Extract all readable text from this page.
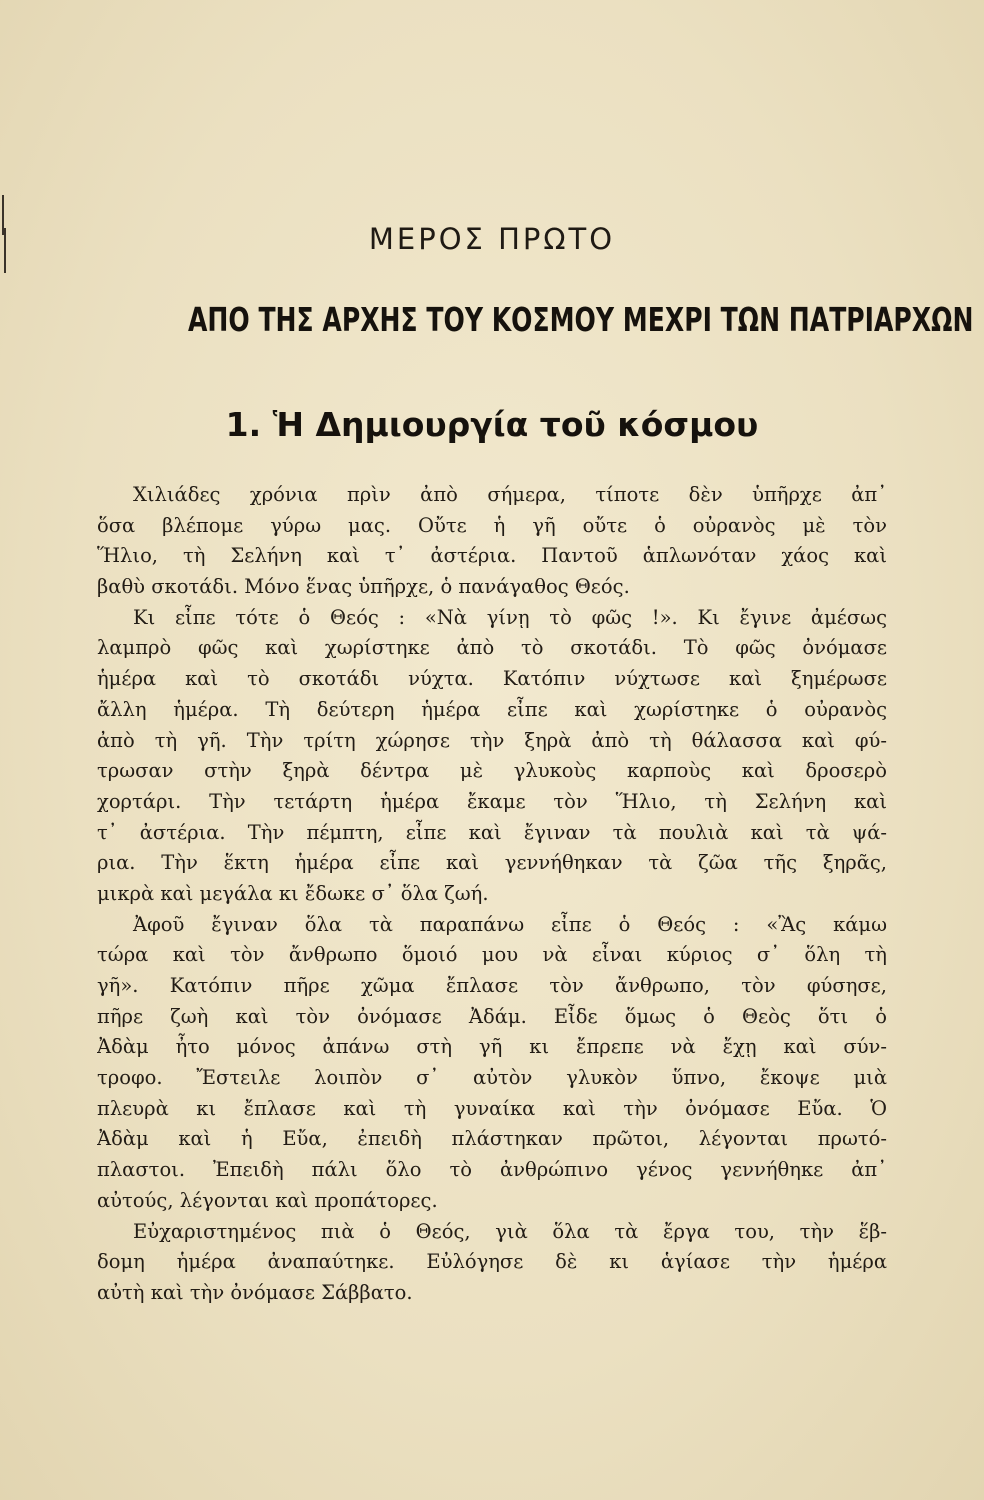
ΜΕΡΟΣ ΠΡΩΤΟ
ΑΠΟ ΤΗΣ ΑΡΧΗΣ ΤΟΥ ΚΟΣΜΟΥ ΜΕΧΡΙ ΤΩΝ ΠΑΤΡΙΑΡΧΩΝ
1. Ἡ Δημιουργία τοῦ κόσμου
Χιλιάδες χρόνια πρὶν ἀπὸ σήμερα, τίποτε δὲν ὑπῆρχε ἀπ᾽
ὅσα βλέπομε γύρω μας. Οὔτε ἡ γῆ οὔτε ὁ οὐρανὸς μὲ τὸν
Ἥλιο, τὴ Σελήνη καὶ τ᾽ ἀστέρια. Παντοῦ ἁπλωνόταν χάος καὶ
βαθὺ σκοτάδι. Μόνο ἕνας ὑπῆρχε, ὁ πανάγαθος Θεός.
Κι εἶπε τότε ὁ Θεός : «Νὰ γίνῃ τὸ φῶς !». Κι ἔγινε ἀμέσως
λαμπρὸ φῶς καὶ χωρίστηκε ἀπὸ τὸ σκοτάδι. Τὸ φῶς ὀνόμασε
ἡμέρα καὶ τὸ σκοτάδι νύχτα. Κατόπιν νύχτωσε καὶ ξημέρωσε
ἄλλη ἡμέρα. Τὴ δεύτερη ἡμέρα εἶπε καὶ χωρίστηκε ὁ οὐρανὸς
ἀπὸ τὴ γῆ. Τὴν τρίτη χώρησε τὴν ξηρὰ ἀπὸ τὴ θάλασσα καὶ φύ-
τρωσαν στὴν ξηρὰ δέντρα μὲ γλυκοὺς καρποὺς καὶ δροσερὸ
χορτάρι. Τὴν τετάρτη ἡμέρα ἔκαμε τὸν Ἥλιο, τὴ Σελήνη καὶ
τ᾽ ἀστέρια. Τὴν πέμπτη, εἶπε καὶ ἔγιναν τὰ πουλιὰ καὶ τὰ ψά-
ρια. Τὴν ἕκτη ἡμέρα εἶπε καὶ γεννήθηκαν τὰ ζῶα τῆς ξηρᾶς,
μικρὰ καὶ μεγάλα κι ἔδωκε σ᾽ ὅλα ζωή.
Ἀφοῦ ἔγιναν ὅλα τὰ παραπάνω εἶπε ὁ Θεός : «Ἂς κάμω
τώρα καὶ τὸν ἄνθρωπο ὅμοιό μου νὰ εἶναι κύριος σ᾽ ὅλη τὴ
γῆ». Κατόπιν πῆρε χῶμα ἔπλασε τὸν ἄνθρωπο, τὸν φύσησε,
πῆρε ζωὴ καὶ τὸν ὀνόμασε Ἀδάμ. Εἶδε ὅμως ὁ Θεὸς ὅτι ὁ
Ἀδὰμ ἦτο μόνος ἀπάνω στὴ γῆ κι ἔπρεπε νὰ ἔχῃ καὶ σύν-
τροφο. Ἔστειλε λοιπὸν σ᾽ αὐτὸν γλυκὸν ὕπνο, ἔκοψε μιὰ
πλευρὰ κι ἔπλασε καὶ τὴ γυναίκα καὶ τὴν ὀνόμασε Εὔα. Ὁ
Ἀδὰμ καὶ ἡ Εὔα, ἐπειδὴ πλάστηκαν πρῶτοι, λέγονται πρωτό-
πλαστοι. Ἐπειδὴ πάλι ὅλο τὸ ἀνθρώπινο γένος γεννήθηκε ἀπ᾽
αὐτούς, λέγονται καὶ προπάτορες.
Εὐχαριστημένος πιὰ ὁ Θεός, γιὰ ὅλα τὰ ἔργα του, τὴν ἕβ-
δομη ἡμέρα ἀναπαύτηκε. Εὐλόγησε δὲ κι ἁγίασε τὴν ἡμέρα
αὐτὴ καὶ τὴν ὀνόμασε Σάββατο.
